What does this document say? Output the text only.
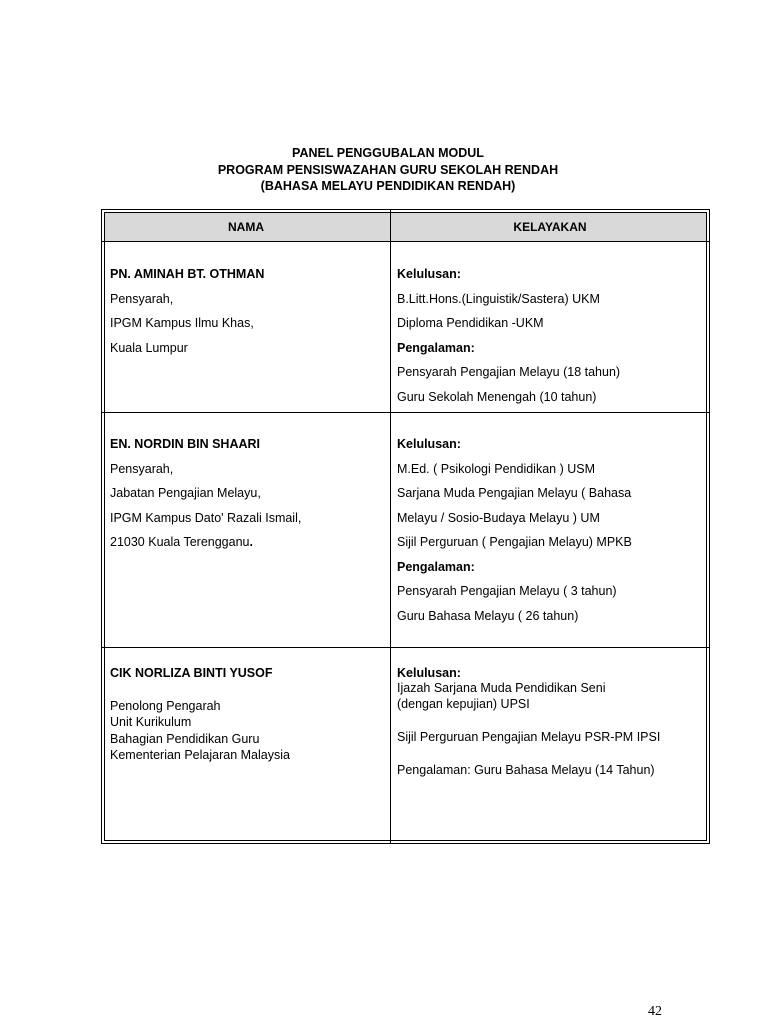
PANEL PENGGUBALAN MODUL
PROGRAM PENSISWAZAHAN GURU SEKOLAH RENDAH
(BAHASA MELAYU PENDIDIKAN RENDAH)
NAMA	KELAYAKAN
PN. AMINAH BT. OTHMAN
Pensyarah,
IPGM Kampus Ilmu Khas,
Kuala Lumpur
Kelulusan:
B.Litt.Hons.(Linguistik/Sastera) UKM
Diploma Pendidikan -UKM
Pengalaman:
Pensyarah Pengajian Melayu (18 tahun)
Guru Sekolah Menengah (10 tahun)
EN. NORDIN BIN SHAARI
Pensyarah,
Jabatan Pengajian Melayu,
IPGM Kampus Dato' Razali Ismail,
21030 Kuala Terengganu.
Kelulusan:
M.Ed. ( Psikologi Pendidikan ) USM
Sarjana Muda Pengajian Melayu ( Bahasa
Melayu / Sosio-Budaya Melayu ) UM
Sijil Perguruan ( Pengajian Melayu) MPKB
Pengalaman:
Pensyarah Pengajian Melayu ( 3 tahun)
Guru Bahasa Melayu ( 26 tahun)
CIK NORLIZA BINTI YUSOF
Penolong Pengarah
Unit Kurikulum
Bahagian Pendidikan Guru
Kementerian Pelajaran Malaysia
Kelulusan:
Ijazah Sarjana Muda Pendidikan Seni
(dengan kepujian) UPSI
Sijil Perguruan Pengajian Melayu PSR-PM IPSI
Pengalaman: Guru Bahasa Melayu (14 Tahun)
42
